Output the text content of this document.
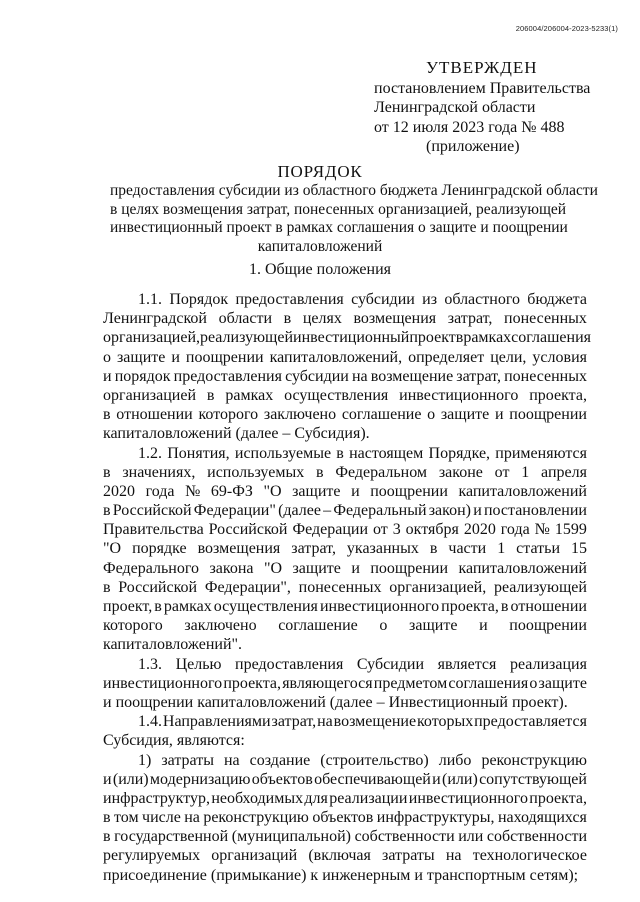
206004/206004-2023-5233(1)
УТВЕРЖДЕН
постановлением Правительства
Ленинградской области
от 12 июля 2023 года № 488
(приложение)
ПОРЯДОК
предоставления субсидии из областного бюджета Ленинградской области
в целях возмещения затрат, понесенных организацией, реализующей
инвестиционный проект в рамках соглашения о защите и поощрении
капиталовложений
1. Общие положения
1.1. Порядок предоставления субсидии из областного бюджета
Ленинградской области в целях возмещения затрат, понесенных
организацией, реализующей инвестиционный проект в рамках соглашения
о защите и поощрении капиталовложений, определяет цели, условия
и порядок предоставления субсидии на возмещение затрат, понесенных
организацией в рамках осуществления инвестиционного проекта,
в отношении которого заключено соглашение о защите и поощрении
капиталовложений (далее – Субсидия).
1.2. Понятия, используемые в настоящем Порядке, применяются
в значениях, используемых в Федеральном законе от 1 апреля
2020 года № 69-ФЗ "О защите и поощрении капиталовложений
в Российской Федерации" (далее – Федеральный закон) и постановлении
Правительства Российской Федерации от 3 октября 2020 года № 1599
"О порядке возмещения затрат, указанных в части 1 статьи 15
Федерального закона "О защите и поощрении капиталовложений
в Российской Федерации", понесенных организацией, реализующей
проект, в рамках осуществления инвестиционного проекта, в отношении
которого заключено соглашение о защите и поощрении
капиталовложений".
1.3. Целью предоставления Субсидии является реализация
инвестиционного проекта, являющегося предметом соглашения о защите
и поощрении капиталовложений (далее – Инвестиционный проект).
1.4. Направлениями затрат, на возмещение которых предоставляется
Субсидия, являются:
1) затраты на создание (строительство) либо реконструкцию
и (или) модернизацию объектов обеспечивающей и (или) сопутствующей
инфраструктур, необходимых для реализации инвестиционного проекта,
в том числе на реконструкцию объектов инфраструктуры, находящихся
в государственной (муниципальной) собственности или собственности
регулируемых организаций (включая затраты на технологическое
присоединение (примыкание) к инженерным и транспортным сетям);
